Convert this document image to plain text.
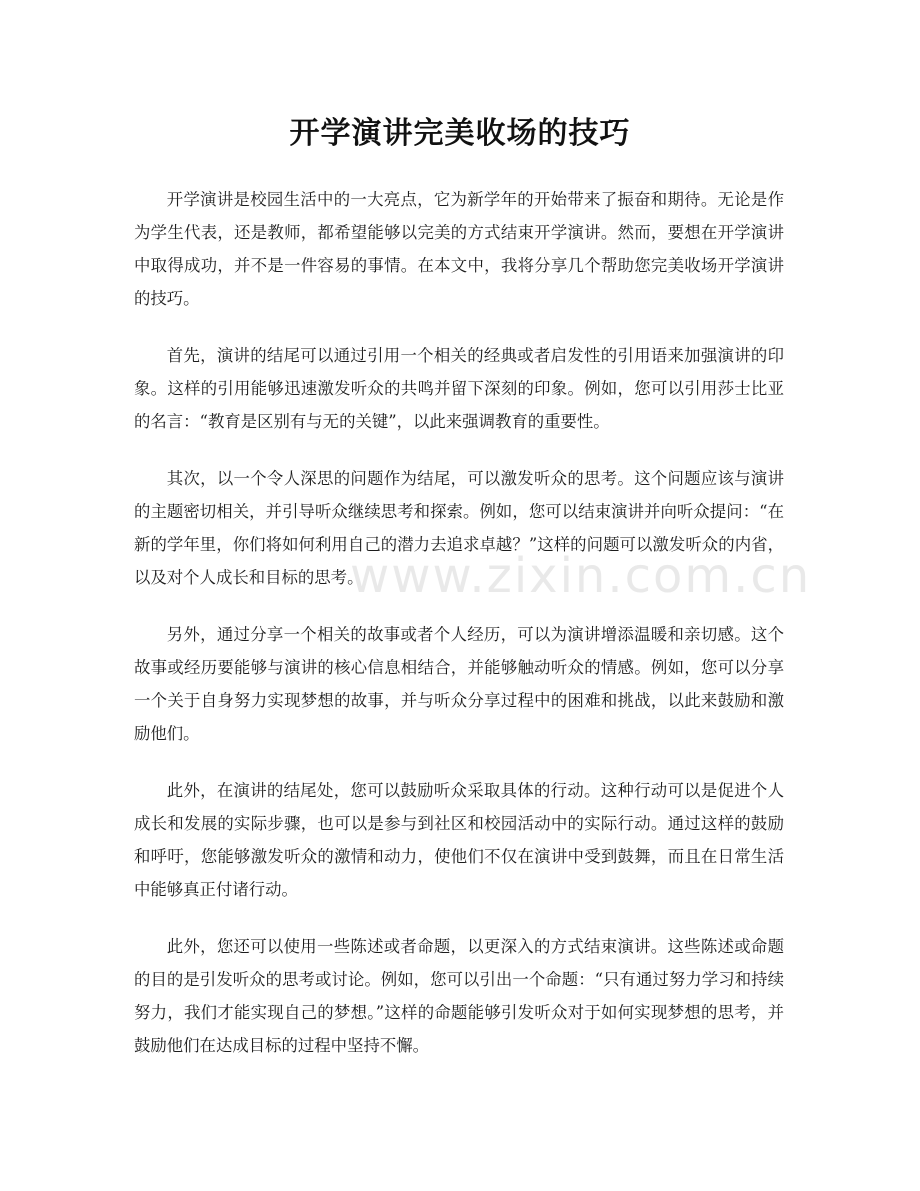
开学演讲完美收场的技巧

开学演讲是校园生活中的一大亮点，它为新学年的开始带来了振奋和期待。无论是作为学生代表，还是教师，都希望能够以完美的方式结束开学演讲。然而，要想在开学演讲中取得成功，并不是一件容易的事情。在本文中，我将分享几个帮助您完美收场开学演讲的技巧。

首先，演讲的结尾可以通过引用一个相关的经典或者启发性的引用语来加强演讲的印象。这样的引用能够迅速激发听众的共鸣并留下深刻的印象。例如，您可以引用莎士比亚的名言：“教育是区别有与无的关键”，以此来强调教育的重要性。

其次，以一个令人深思的问题作为结尾，可以激发听众的思考。这个问题应该与演讲的主题密切相关，并引导听众继续思考和探索。例如，您可以结束演讲并向听众提问：“在新的学年里，你们将如何利用自己的潜力去追求卓越？”这样的问题可以激发听众的内省，以及对个人成长和目标的思考。

另外，通过分享一个相关的故事或者个人经历，可以为演讲增添温暖和亲切感。这个故事或经历要能够与演讲的核心信息相结合，并能够触动听众的情感。例如，您可以分享一个关于自身努力实现梦想的故事，并与听众分享过程中的困难和挑战，以此来鼓励和激励他们。

此外，在演讲的结尾处，您可以鼓励听众采取具体的行动。这种行动可以是促进个人成长和发展的实际步骤，也可以是参与到社区和校园活动中的实际行动。通过这样的鼓励和呼吁，您能够激发听众的激情和动力，使他们不仅在演讲中受到鼓舞，而且在日常生活中能够真正付诸行动。

此外，您还可以使用一些陈述或者命题，以更深入的方式结束演讲。这些陈述或命题的目的是引发听众的思考或讨论。例如，您可以引出一个命题：“只有通过努力学习和持续努力，我们才能实现自己的梦想。”这样的命题能够引发听众对于如何实现梦想的思考，并鼓励他们在达成目标的过程中坚持不懈。

www.zixin.com.cn
